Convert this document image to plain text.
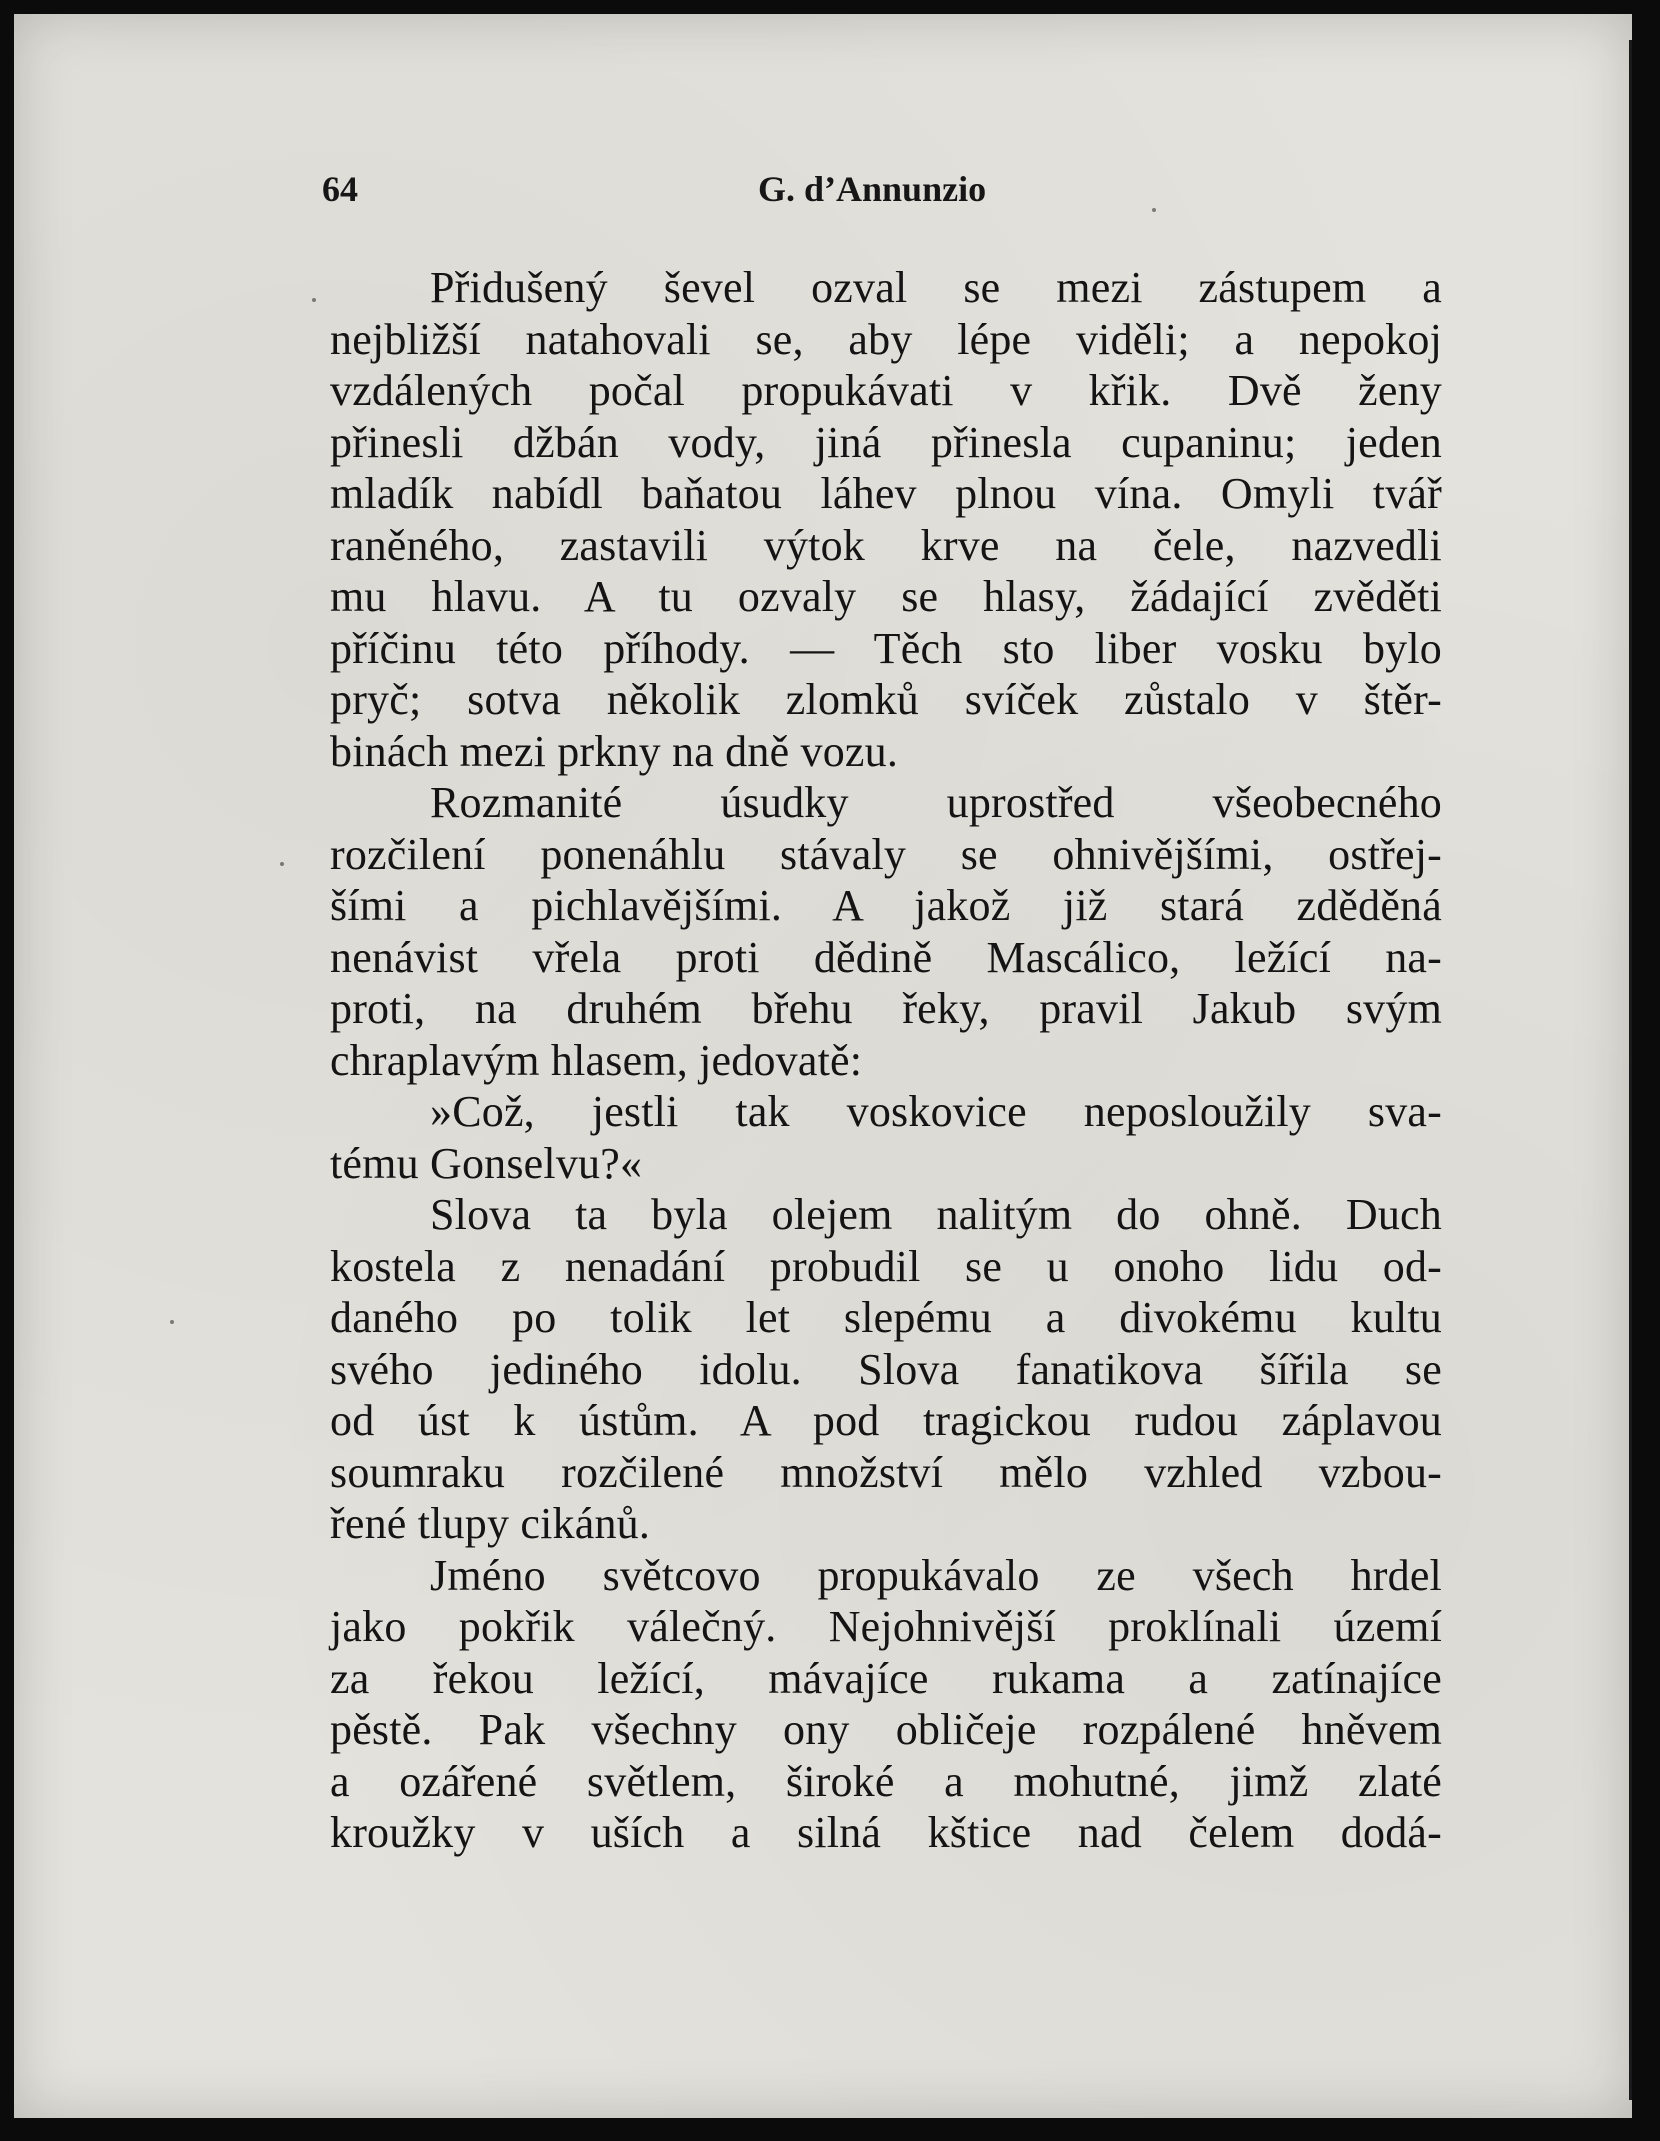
64	G. d’Annunzio
Přidušený ševel ozval se mezi zástupem a
nejbližší natahovali se, aby lépe viděli; a nepokoj
vzdálených počal propukávati v křik. Dvě ženy
přinesli džbán vody, jiná přinesla cupaninu; jeden
mladík nabídl baňatou láhev plnou vína. Omyli tvář
raněného, zastavili výtok krve na čele, nazvedli
mu hlavu. A tu ozvaly se hlasy, žádající zvěděti
příčinu této příhody. — Těch sto liber vosku bylo
pryč; sotva několik zlomků svíček zůstalo v štěr-
binách mezi prkny na dně vozu.
Rozmanité úsudky uprostřed všeobecného
rozčilení ponenáhlu stávaly se ohnivějšími, ostřej-
šími a pichlavějšími. A jakož již stará zděděná
nenávist vřela proti dědině Mascálico, ležící na-
proti, na druhém břehu řeky, pravil Jakub svým
chraplavým hlasem, jedovatě:
»Což, jestli tak voskovice neposloužily sva-
tému Gonselvu?«
Slova ta byla olejem nalitým do ohně. Duch
kostela z nenadání probudil se u onoho lidu od-
daného po tolik let slepému a divokému kultu
svého jediného idolu. Slova fanatikova šířila se
od úst k ústům. A pod tragickou rudou záplavou
soumraku rozčilené množství mělo vzhled vzbou-
řené tlupy cikánů.
Jméno světcovo propukávalo ze všech hrdel
jako pokřik válečný. Nejohnivější proklínali území
za řekou ležící, mávajíce rukama a zatínajíce
pěstě. Pak všechny ony obličeje rozpálené hněvem
a ozářené světlem, široké a mohutné, jimž zlaté
kroužky v uších a silná kštice nad čelem dodá-
